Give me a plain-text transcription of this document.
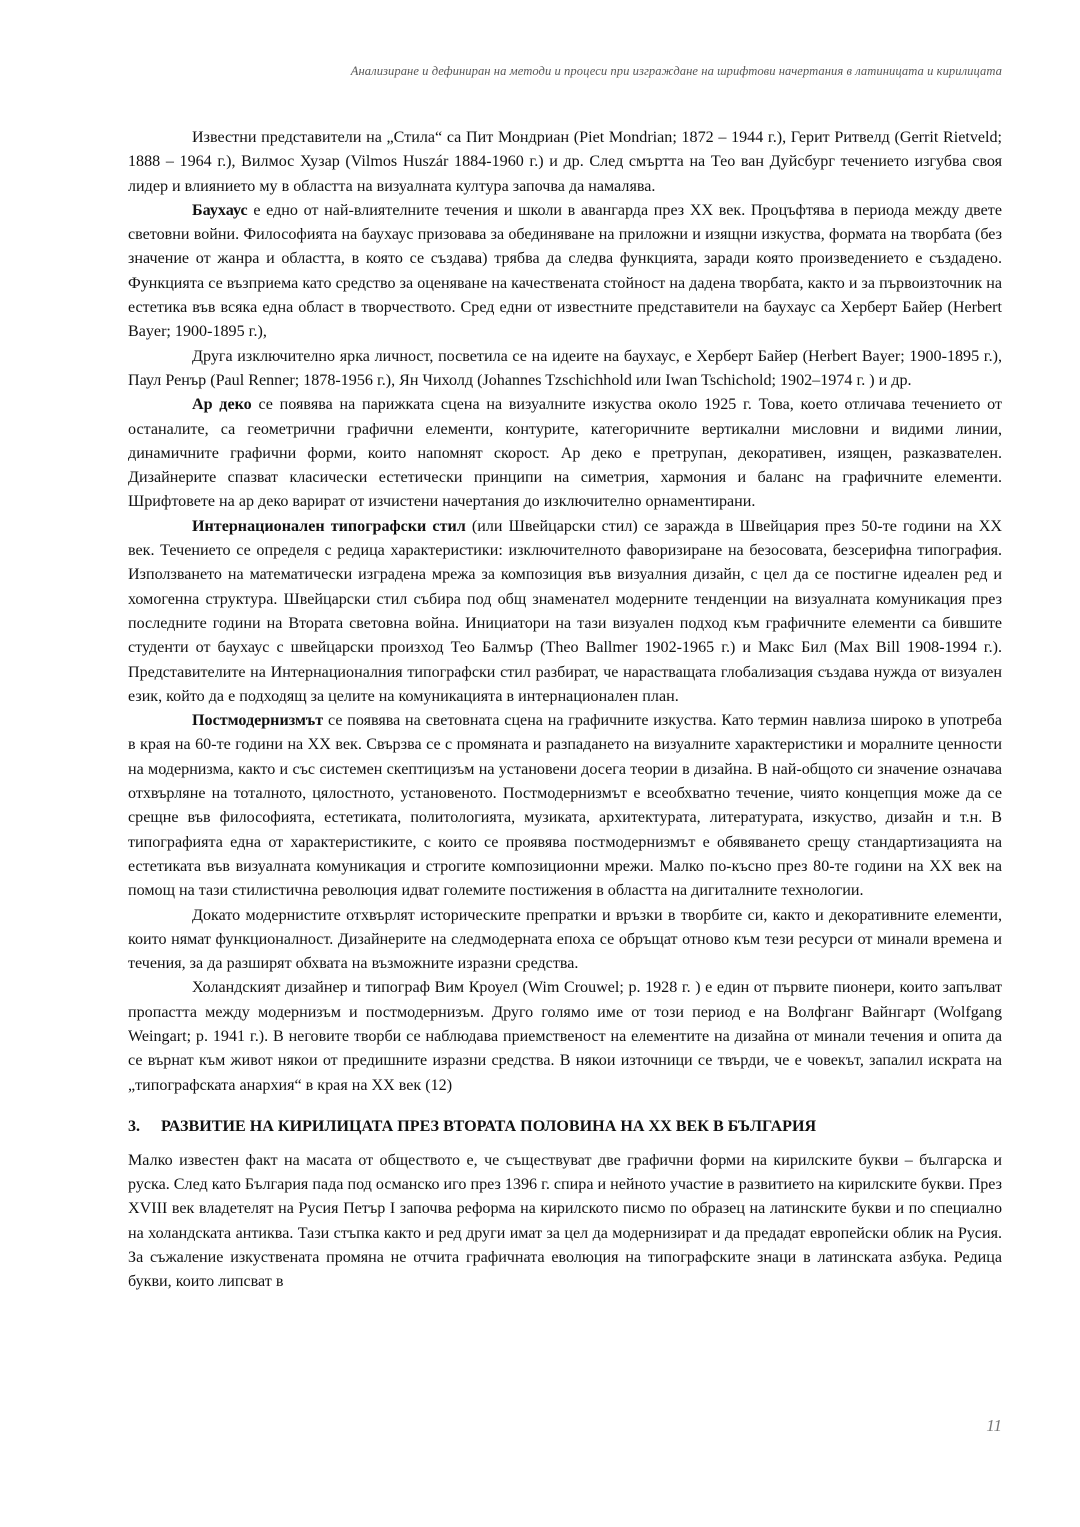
Анализиране и дефиниран на методи и процеси при изграждане на шрифтови начертания в латиницата и кирилицата

Известни представители на „Стила“ са Пит Мондриан (Piet Mondrian; 1872 – 1944 г.), Герит Ритвелд (Gerrit Rietveld; 1888 – 1964 г.), Вилмос Хузар (Vilmos Huszár 1884-1960 г.) и др. След смъртта на Тео ван Дуйсбург течението изгубва своя лидер и влиянието му в областта на визуалната култура започва да намалява.

Баухаус е едно от най-влиятелните течения и школи в авангарда през XX век. Процъфтява в периода между двете световни войни. Философията на баухаус призовава за обединяване на приложни и изящни изкуства, формата на творбата (без значение от жанра и областта, в която се създава) трябва да следва функцията, заради която произведението е създадено. Функцията се възприема като средство за оценяване на качествената стойност на дадена творбата, както и за първоизточник на естетика във всяка една област в творчеството. Сред едни от известните представители на баухаус са Херберт Байер (Herbert Bayer; 1900-1895 г.),

Друга изключително ярка личност, посветила се на идеите на баухаус, е Херберт Байер (Herbert Bayer; 1900-1895 г.), Паул Ренър (Paul Renner; 1878-1956 г.), Ян Чихолд (Johannes Tzschichhold или Iwan Tschichold; 1902–1974 г. ) и др.

Ар деко се появява на парижката сцена на визуалните изкуства около 1925 г. Това, което отличава течението от останалите, са геометрични графични елементи, контурите, категоричните вертикални мисловни и видими линии, динамичните графични форми, които напомнят скорост. Ар деко е претрупан, декоративен, изящен, разказвателен. Дизайнерите спазват класически естетически принципи на симетрия, хармония и баланс на графичните елементи. Шрифтовете на ар деко варират от изчистени начертания до изключително орнаментирани.

Интернационален типографски стил (или Швейцарски стил) се заражда в Швейцария през 50-те години на XX век. Течението се определя с редица характеристики: изключителното фаворизиране на безосовата, безсерифна типография. Използването на математически изградена мрежа за композиция във визуалния дизайн, с цел да се постигне идеален ред и хомогенна структура. Швейцарски стил събира под общ знаменател модерните тенденции на визуалната комуникация през последните години на Втората световна война. Инициатори на тази визуален подход към графичните елементи са бившите студенти от баухаус с швейцарски произход Тео Балмър (Theo Ballmer 1902-1965 г.) и Макс Бил (Max Bill 1908-1994 г.). Представителите на Интернационалния типографски стил разбират, че нарастващата глобализация създава нужда от визуален език, който да е подходящ за целите на комуникацията в интернационален план.

Постмодернизмът се появява на световната сцена на графичните изкуства. Като термин навлиза широко в употреба в края на 60-те години на XX век. Свързва се с промяната и разпадането на визуалните характеристики и моралните ценности на модернизма, както и със системен скептицизъм на установени досега теории в дизайна. В най-общото си значение означава отхвърляне на тоталното, цялостното, установеното. Постмодернизмът е всеобхватно течение, чиято концепция може да се срещне във философията, естетиката, политологията, музиката, архитектурата, литературата, изкуство, дизайн и т.н. В типографията една от характеристиките, с които се проявява постмодернизмът е обявяването срещу стандартизацията на естетиката във визуалната комуникация и строгите композиционни мрежи. Малко по-късно през 80-те години на XX век на помощ на тази стилистична революция идват големите постижения в областта на дигиталните технологии.

Докато модернистите отхвърлят историческите препратки и връзки в творбите си, както и декоративните елементи, които нямат функционалност. Дизайнерите на следмодерната епоха се обръщат отново към тези ресурси от минали времена и течения, за да разширят обхвата на възможните изразни средства.

Холандският дизайнер и типограф Вим Кроуел (Wim Crouwel; р. 1928 г. ) е един от първите пионери, които запълват пропастта между модернизъм и постмодернизъм. Друго голямо име от този период е на Волфганг Вайнгарт (Wolfgang Weingart; р. 1941 г.). В неговите творби се наблюдава приемственост на елементите на дизайна от минали течения и опита да се върнат към живот някои от предишните изразни средства. В някои източници се твърди, че е човекът, запалил искрата на „типографската анархия“ в края на XX век (12)

3. РАЗВИТИЕ НА КИРИЛИЦАТА ПРЕЗ ВТОРАТА ПОЛОВИНА НА XX ВЕК В БЪЛГАРИЯ

Малко известен факт на масата от обществото е, че съществуват две графични форми на кирилските букви – българска и руска. След като България пада под османско иго през 1396 г. спира и нейното участие в развитието на кирилските букви. През XVIII век владетелят на Русия Петър I започва реформа на кирилското писмо по образец на латинските букви и по специално на холандската антиква. Тази стъпка както и ред други имат за цел да модернизират и да предадат европейски облик на Русия. За съжаление изкуствената промяна не отчита графичната еволюция на типографските знаци в латинската азбука. Редица букви, които липсват в

11
